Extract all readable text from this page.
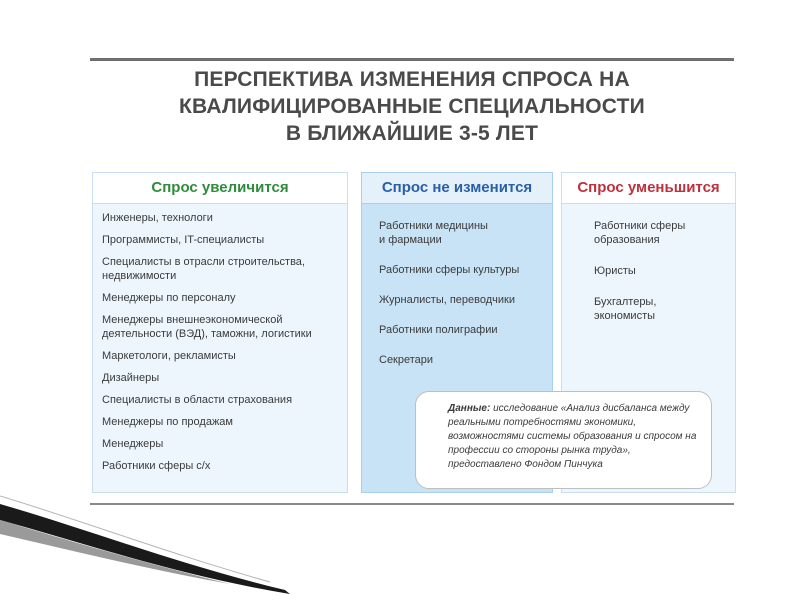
ПЕРСПЕКТИВА ИЗМЕНЕНИЯ СПРОСА НА
КВАЛИФИЦИРОВАННЫЕ СПЕЦИАЛЬНОСТИ
В БЛИЖАЙШИЕ 3-5 ЛЕТ
Спрос увеличится
Инженеры, технологи
Программисты, IT-специалисты
Специалисты в отрасли строительства,
недвижимости
Менеджеры по персоналу
Менеджеры внешнеэкономической
деятельности (ВЭД), таможни, логистики
Маркетологи, рекламисты
Дизайнеры
Специалисты в области страхования
Менеджеры по продажам
Менеджеры
Работники сферы с/х
Спрос не изменится
Работники медицины
и фармации
Работники сферы культуры
Журналисты, переводчики
Работники полиграфии
Секретари
Спрос уменьшится
Работники сферы
образования
Юристы
Бухгалтеры,
экономисты
Данные: исследование «Анализ дисбаланса между реальными потребностями экономики, возможностями системы образования и спросом на профессии со стороны рынка труда», предоставлено Фондом Пинчука
